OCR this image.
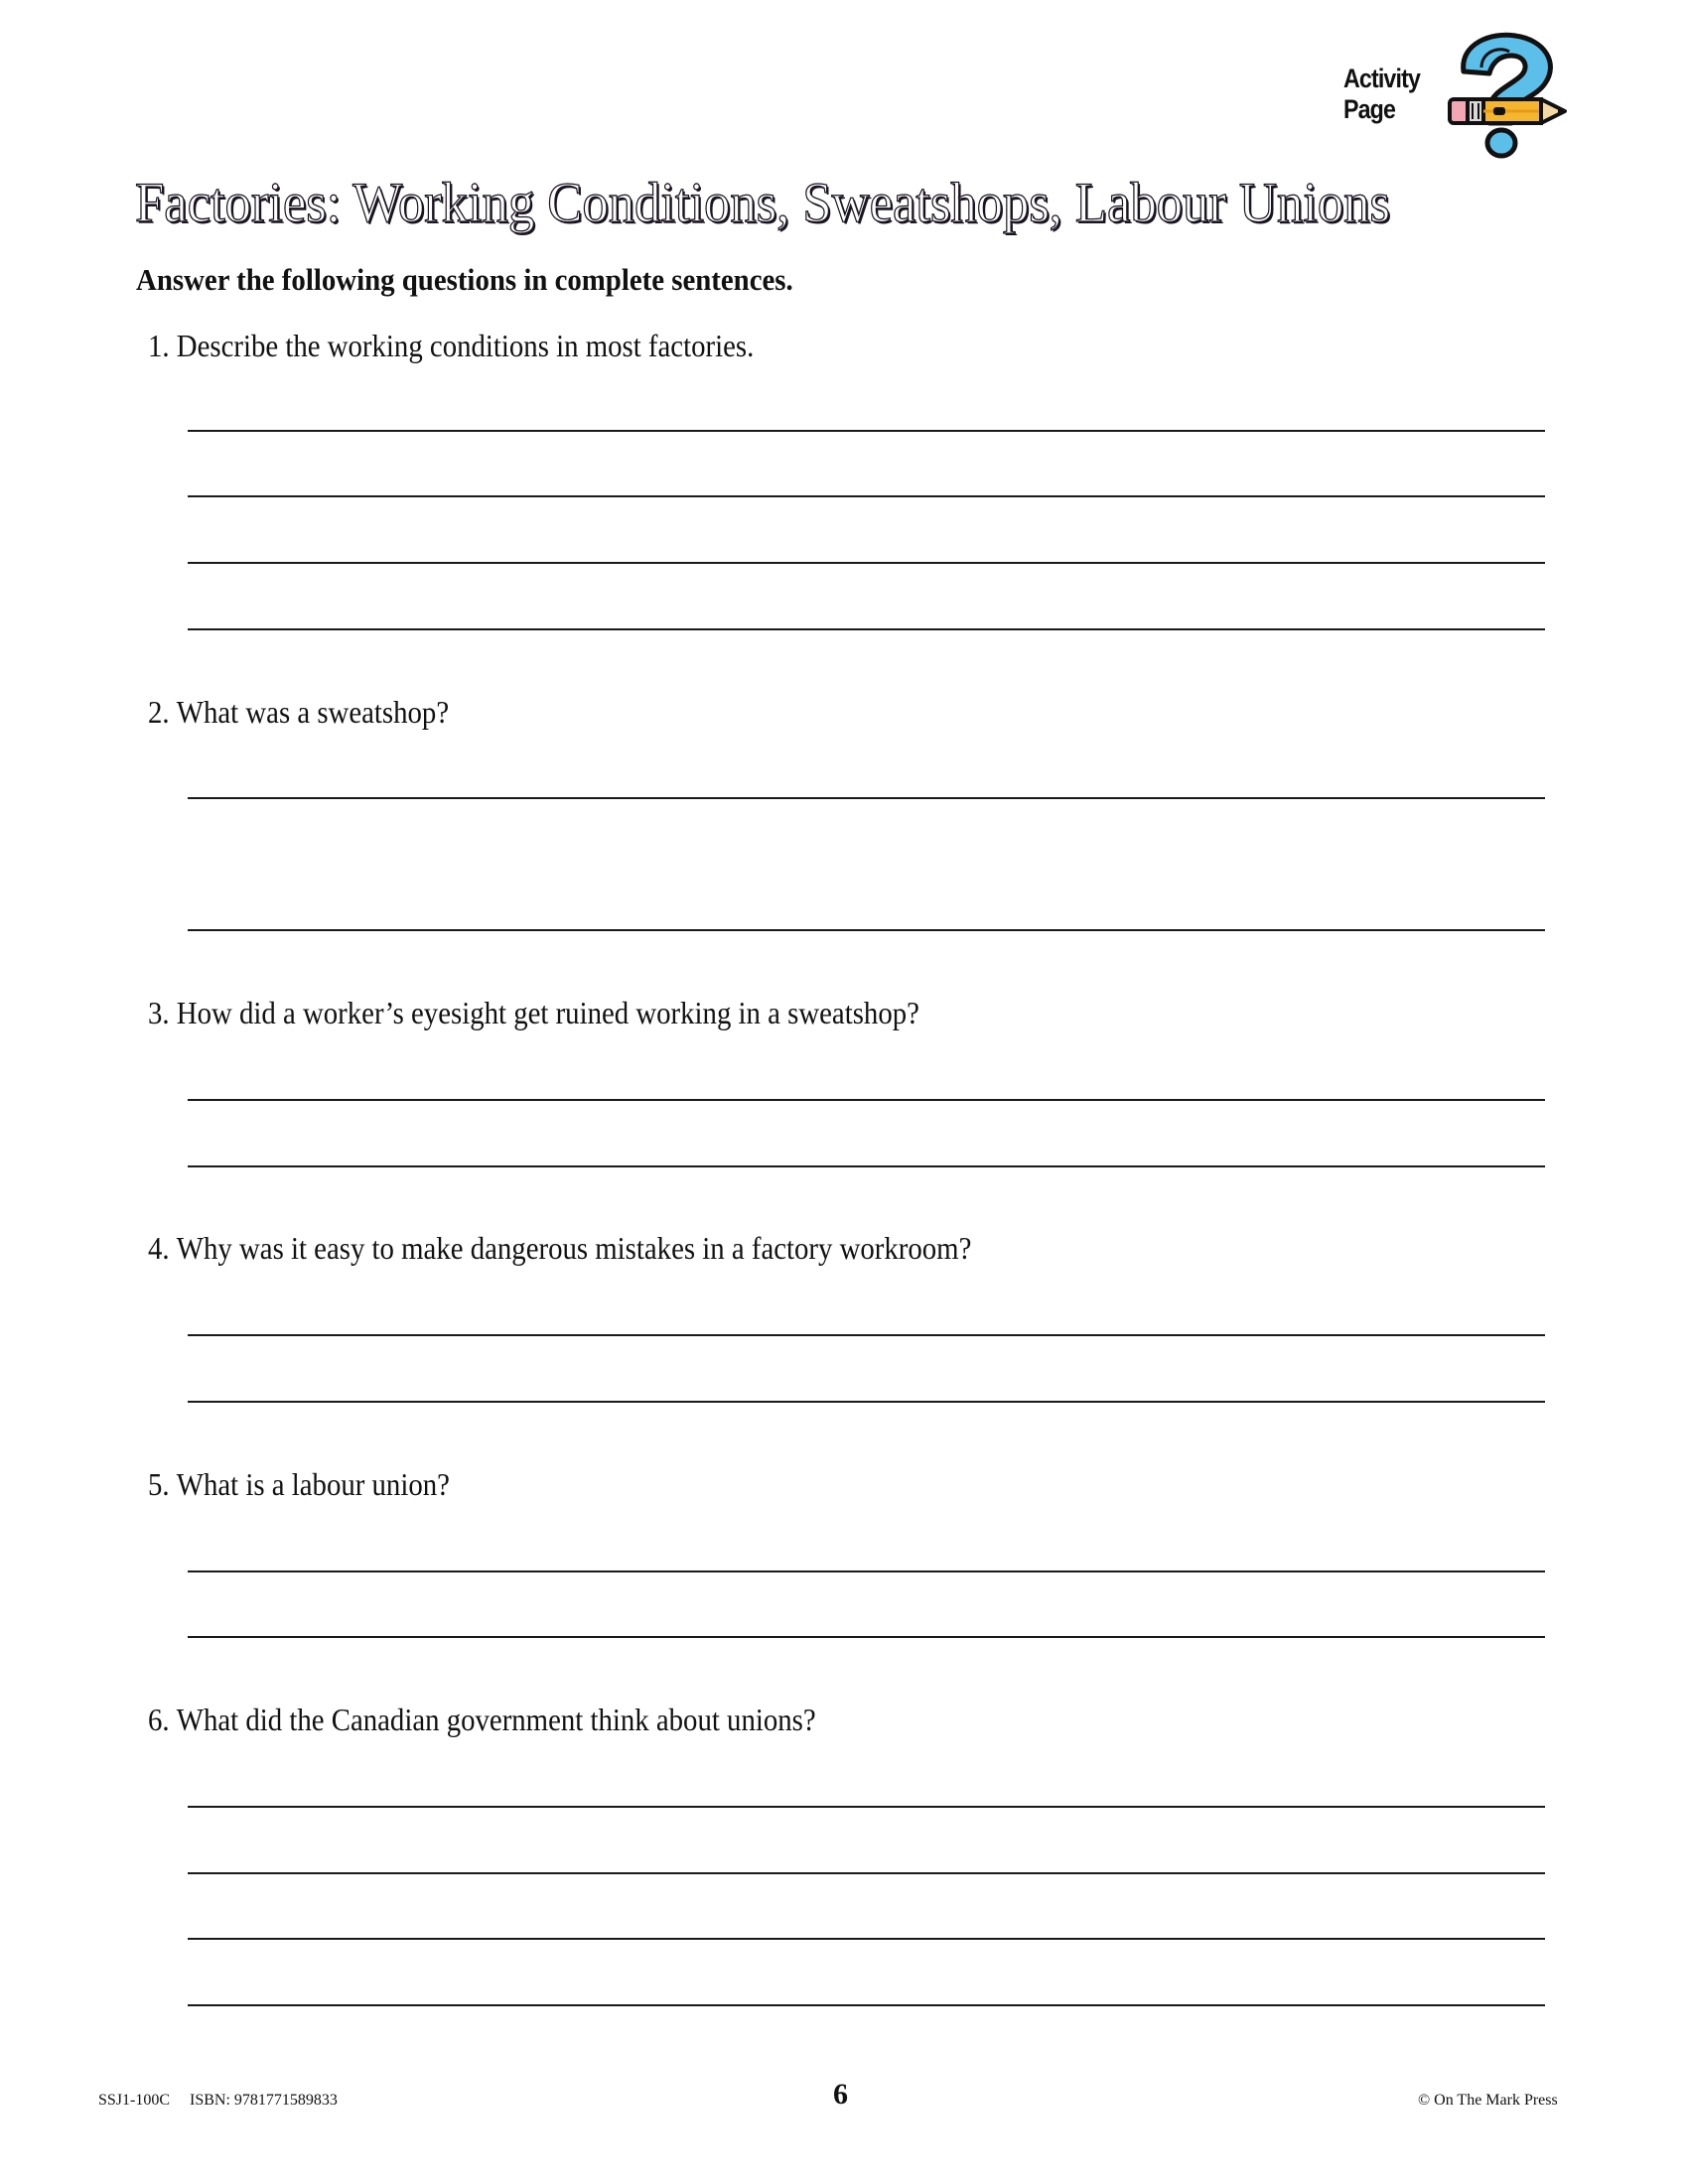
Activity
Page
Factories: Working Conditions, Sweatshops, Labour Unions
Answer the following questions in complete sentences.
1. Describe the working conditions in most factories.
2. What was a sweatshop?
3. How did a worker’s eyesight get ruined working in a sweatshop?
4. Why was it easy to make dangerous mistakes in a factory workroom?
5. What is a labour union?
6. What did the Canadian government think about unions?
SSJ1-100C ISBN: 9781771589833	6	© On The Mark Press
